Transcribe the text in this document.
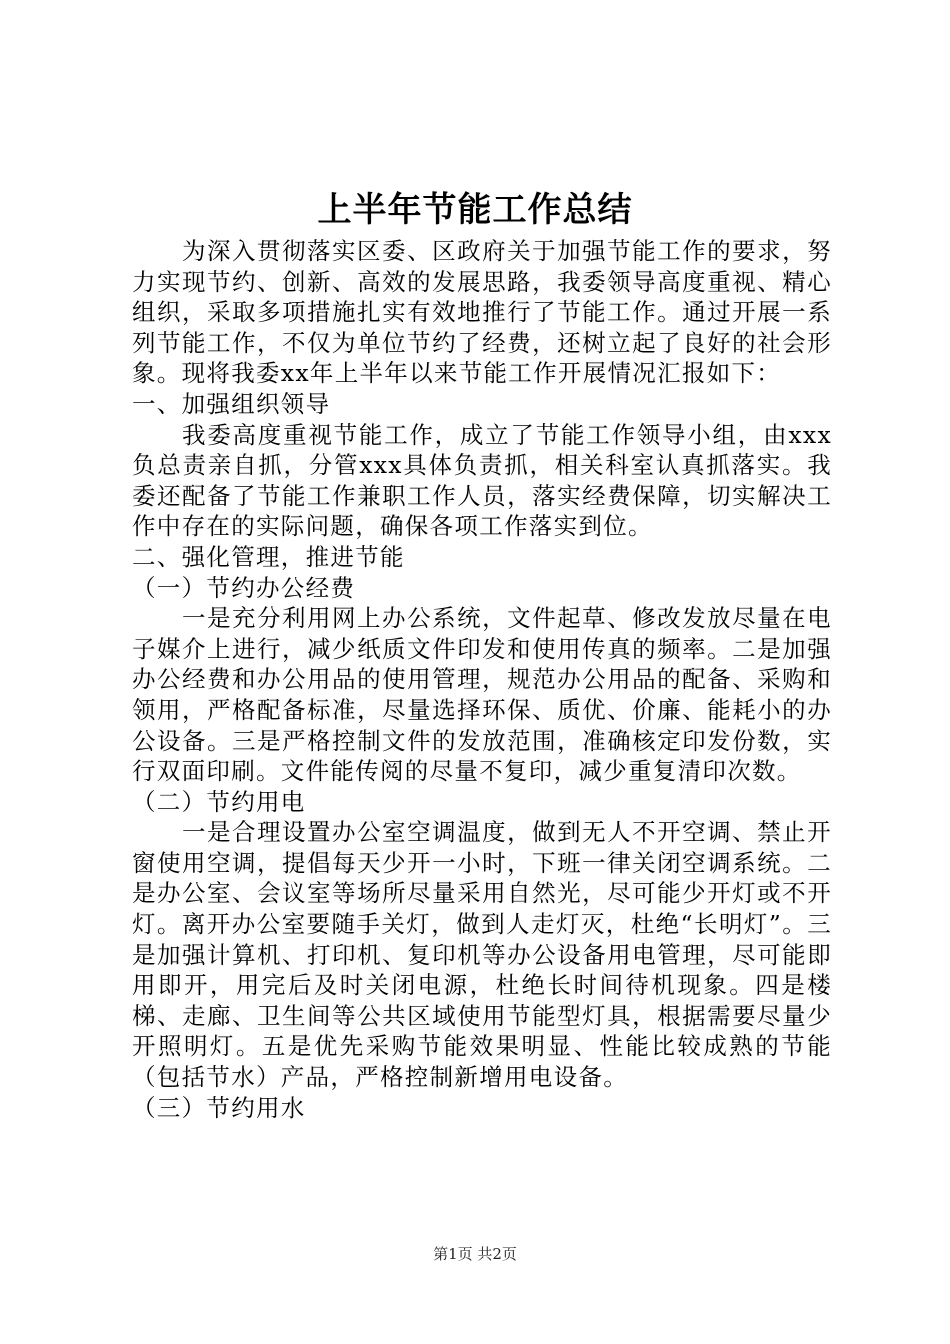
上半年节能工作总结

为深入贯彻落实区委、区政府关于加强节能工作的要求，努力实现节约、创新、高效的发展思路，我委领导高度重视、精心组织，采取多项措施扎实有效地推行了节能工作。通过开展一系列节能工作，不仅为单位节约了经费，还树立起了良好的社会形象。现将我委xx年上半年以来节能工作开展情况汇报如下：

一、加强组织领导

我委高度重视节能工作，成立了节能工作领导小组，由xxx负总责亲自抓，分管xxx具体负责抓，相关科室认真抓落实。我委还配备了节能工作兼职工作人员，落实经费保障，切实解决工作中存在的实际问题，确保各项工作落实到位。

二、强化管理，推进节能

（一）节约办公经费

一是充分利用网上办公系统，文件起草、修改发放尽量在电子媒介上进行，减少纸质文件印发和使用传真的频率。二是加强办公经费和办公用品的使用管理，规范办公用品的配备、采购和领用，严格配备标准，尽量选择环保、质优、价廉、能耗小的办公设备。三是严格控制文件的发放范围，准确核定印发份数，实行双面印刷。文件能传阅的尽量不复印，减少重复清印次数。

（二）节约用电

一是合理设置办公室空调温度，做到无人不开空调、禁止开窗使用空调，提倡每天少开一小时，下班一律关闭空调系统。二是办公室、会议室等场所尽量采用自然光，尽可能少开灯或不开灯。离开办公室要随手关灯，做到人走灯灭，杜绝“长明灯”。三是加强计算机、打印机、复印机等办公设备用电管理，尽可能即用即开，用完后及时关闭电源，杜绝长时间待机现象。四是楼梯、走廊、卫生间等公共区域使用节能型灯具，根据需要尽量少开照明灯。五是优先采购节能效果明显、性能比较成熟的节能（包括节水）产品，严格控制新增用电设备。

（三）节约用水

第1页 共2页
